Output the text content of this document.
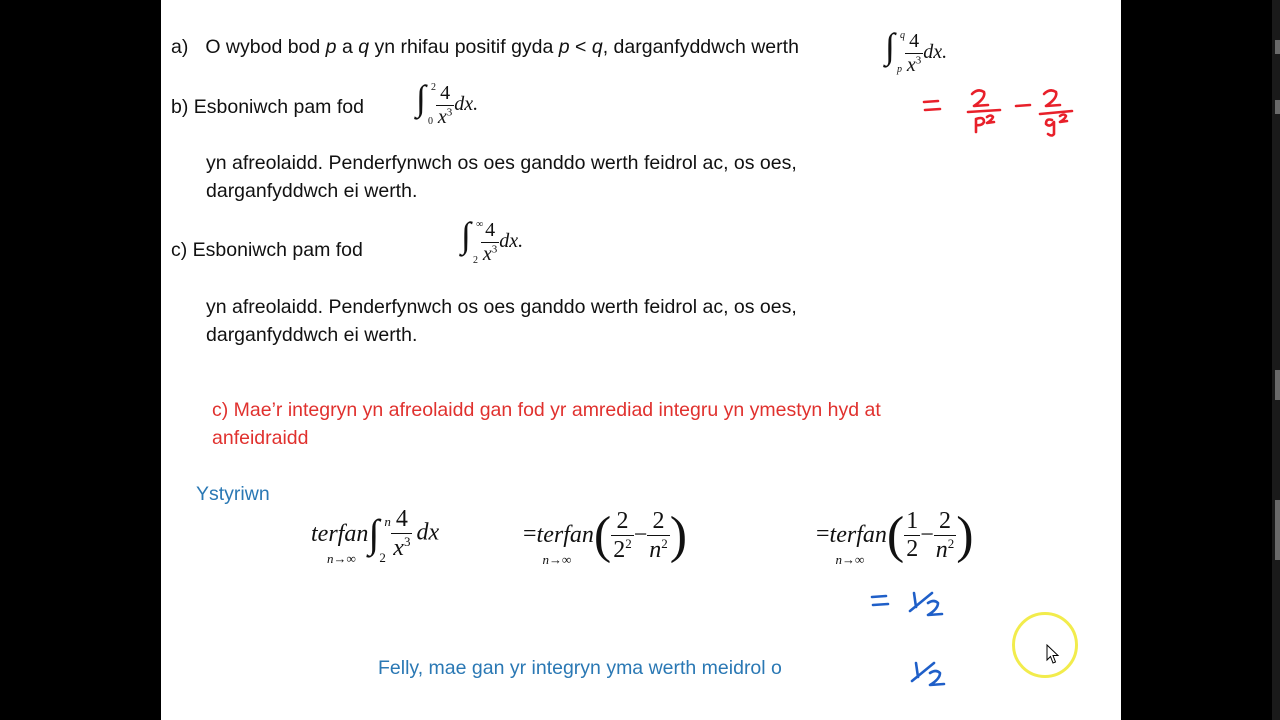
a) O wybod bod p a q yn rhifau positif gyda p < q, darganfyddwch werth ∫ q
p $\frac{4}{x^3}$ dx.
b) Esboniwch pam fod ∫ 2
$0 \frac{4}{x^3}$ dx.
yn afreolaidd. Penderfynwch os oes ganddo werth feidrol ac, os oes,
darganfyddwch ei werth.
c) Esboniwch pam fod	∫ ∞
$2 \frac{4}{x^3}$ dx.
yn afreolaidd. Penderfynwch os oes ganddo werth feidrol ac, os oes,
darganfyddwch ei werth.
c) Mae’r integryn yn afreolaidd gan fod yr amrediad integru yn ymestyn hyd at
anfeidraidd
Ystyriwn
terfan
n→∞
∫ n
$2 \frac{4}{x^3}$ dx	=terfan
n→∞ ( $\frac{2}{2^2} - \frac{2}{n^2}$ )	=terfan
n→∞ ( $\frac{1}{2} - \frac{2}{n^2}$ )
Felly, mae gan yr integryn yma werth meidrol o
